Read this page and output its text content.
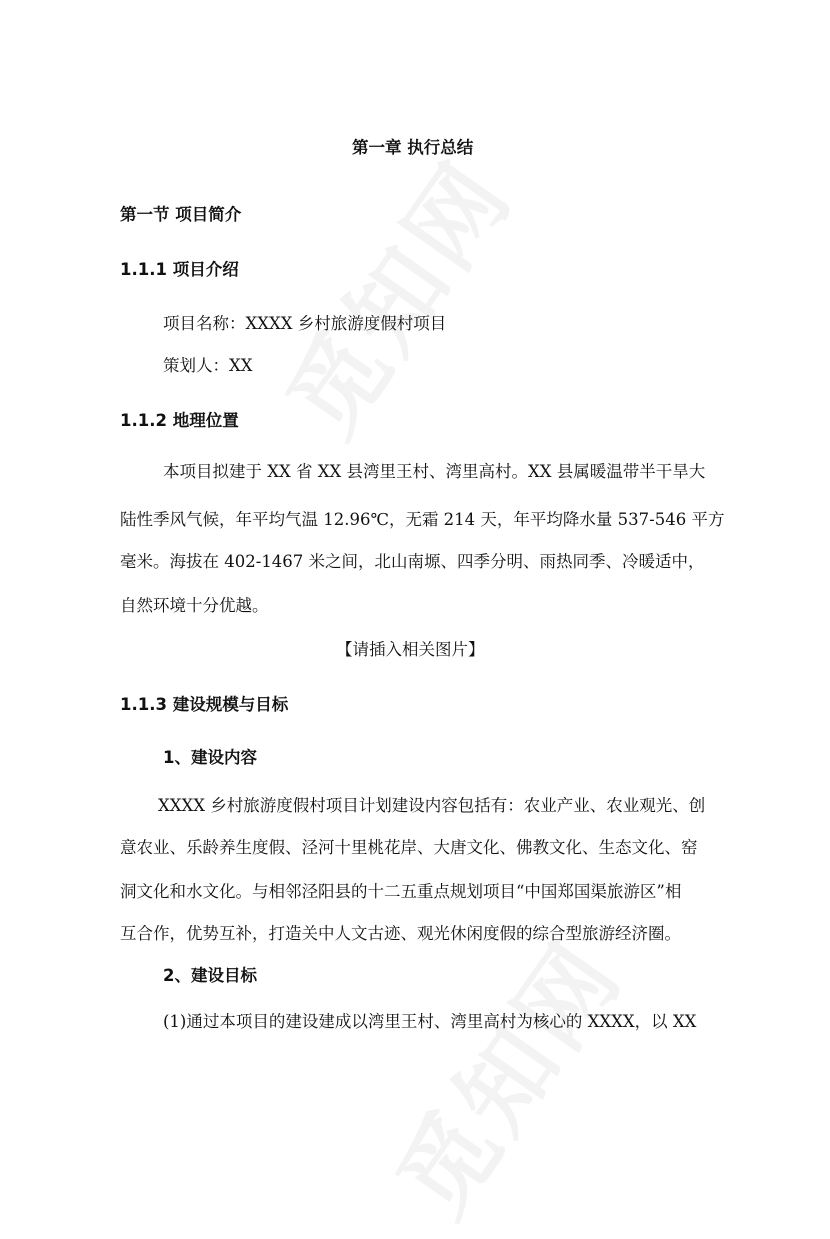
第一章 执行总结
第一节 项目简介
1.1.1 项目介绍
项目名称：XXXX 乡村旅游度假村项目
策划人：XX
1.1.2 地理位置
本项目拟建于 XX 省 XX 县湾里王村、湾里高村。XX 县属暖温带半干旱大
陆性季风气候，年平均气温 12.96℃，无霜 214 天，年平均降水量 537-546 平方
毫米。海拔在 402-1467 米之间，北山南塬、四季分明、雨热同季、冷暖适中，
自然环境十分优越。
【请插入相关图片】
1.1.3 建设规模与目标
1、建设内容
XXXX 乡村旅游度假村项目计划建设内容包括有：农业产业、农业观光、创
意农业、乐龄养生度假、泾河十里桃花岸、大唐文化、佛教文化、生态文化、窑
洞文化和水文化。与相邻泾阳县的十二五重点规划项目“中国郑国渠旅游区”相
互合作，优势互补，打造关中人文古迹、观光休闲度假的综合型旅游经济圈。
2、建设目标
(1)通过本项目的建设建成以湾里王村、湾里高村为核心的 XXXX，以 XX
